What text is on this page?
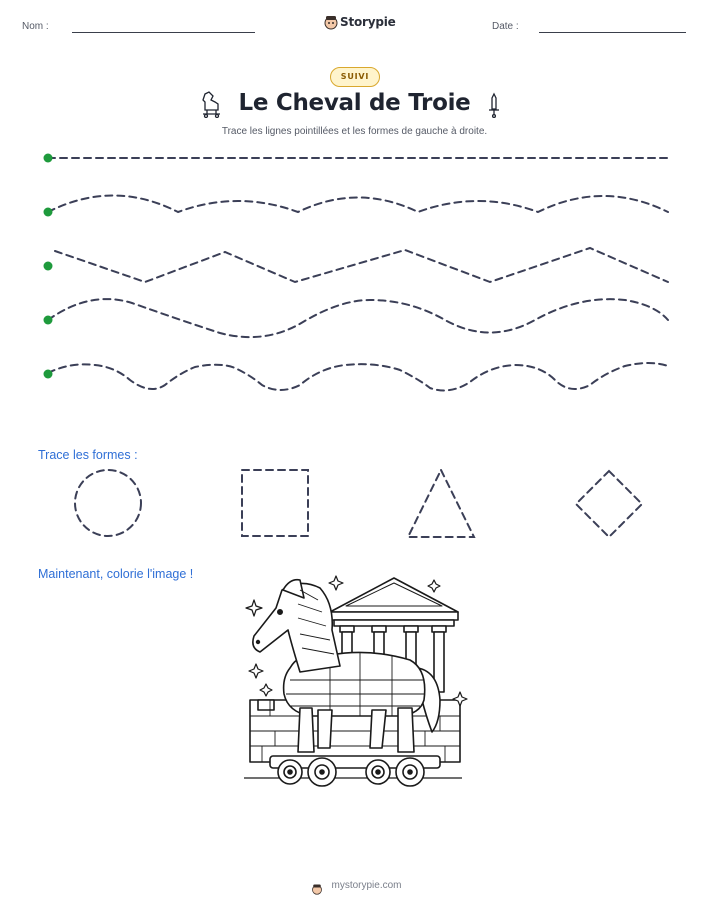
Nom :	Storypie	Date :
SUIVI
Le Cheval de Troie
Trace les lignes pointillées et les formes de gauche à droite.
Trace les formes :
Maintenant, colorie l'image !
mystorypie.com
